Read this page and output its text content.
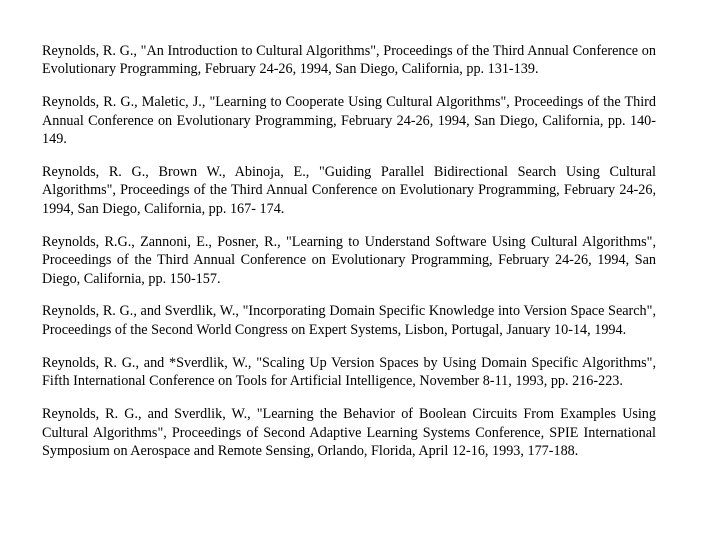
Reynolds, R. G., "An Introduction to Cultural Algorithms", Proceedings of the Third Annual Conference on Evolutionary Programming, February 24-26, 1994, San Diego, California, pp. 131-139.

Reynolds, R. G., Maletic, J., "Learning to Cooperate Using Cultural Algorithms", Proceedings of the Third Annual Conference on Evolutionary Programming, February 24-26, 1994, San Diego, California, pp. 140-149.

Reynolds, R. G., Brown W., Abinoja, E., "Guiding Parallel Bidirectional Search Using Cultural Algorithms", Proceedings of the Third Annual Conference on Evolutionary Programming, February 24-26, 1994, San Diego, California, pp. 167- 174.

Reynolds, R.G., Zannoni, E., Posner, R., "Learning to Understand Software Using Cultural Algorithms", Proceedings of the Third Annual Conference on Evolutionary Programming, February 24-26, 1994, San Diego, California, pp. 150-157.

Reynolds, R. G., and Sverdlik, W., "Incorporating Domain Specific Knowledge into Version Space Search", Proceedings of the Second World Congress on Expert Systems, Lisbon, Portugal, January 10-14, 1994.

Reynolds, R. G., and *Sverdlik, W., "Scaling Up Version Spaces by Using Domain Specific Algorithms", Fifth International Conference on Tools for Artificial Intelligence, November 8-11, 1993, pp. 216-223.

Reynolds, R. G., and Sverdlik, W., "Learning the Behavior of Boolean Circuits From Examples Using Cultural Algorithms", Proceedings of Second Adaptive Learning Systems Conference, SPIE International Symposium on Aerospace and Remote Sensing, Orlando, Florida, April 12-16, 1993, 177-188.
